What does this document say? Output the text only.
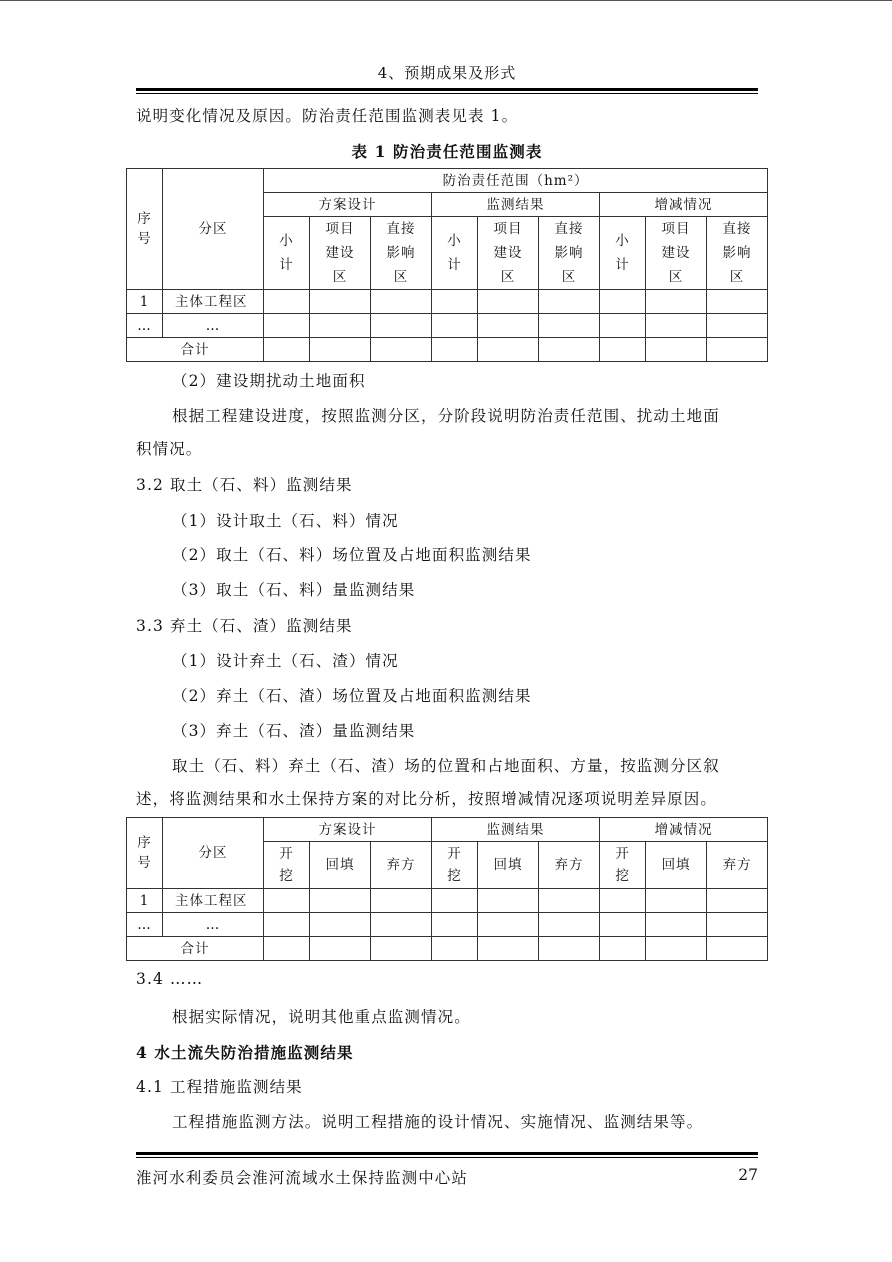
4、预期成果及形式
说明变化情况及原因。防治责任范围监测表见表 1。
表 1 防治责任范围监测表
序号	分区	防治责任范围（hm²）								
		方案设计			监测结果			增减情况		
		小计	项目建设区	直接影响区	小计	项目建设区	直接影响区	小计	项目建设区	直接影响区
1	主体工程区									
…	…									
合计										
（2）建设期扰动土地面积
根据工程建设进度，按照监测分区，分阶段说明防治责任范围、扰动土地面
积情况。
3.2 取土（石、料）监测结果
（1）设计取土（石、料）情况
（2）取土（石、料）场位置及占地面积监测结果
（3）取土（石、料）量监测结果
3.3 弃土（石、渣）监测结果
（1）设计弃土（石、渣）情况
（2）弃土（石、渣）场位置及占地面积监测结果
（3）弃土（石、渣）量监测结果
取土（石、料）弃土（石、渣）场的位置和占地面积、方量，按监测分区叙
述，将监测结果和水土保持方案的对比分析，按照增减情况逐项说明差异原因。
序号	分区	方案设计			监测结果			增减情况		
		开挖	回填	弃方	开挖	回填	弃方	开挖	回填	弃方
1	主体工程区									
…	…									
合计										
3.4 ……
根据实际情况，说明其他重点监测情况。
4 水土流失防治措施监测结果
4.1 工程措施监测结果
工程措施监测方法。说明工程措施的设计情况、实施情况、监测结果等。
淮河水利委员会淮河流域水土保持监测中心站	27
